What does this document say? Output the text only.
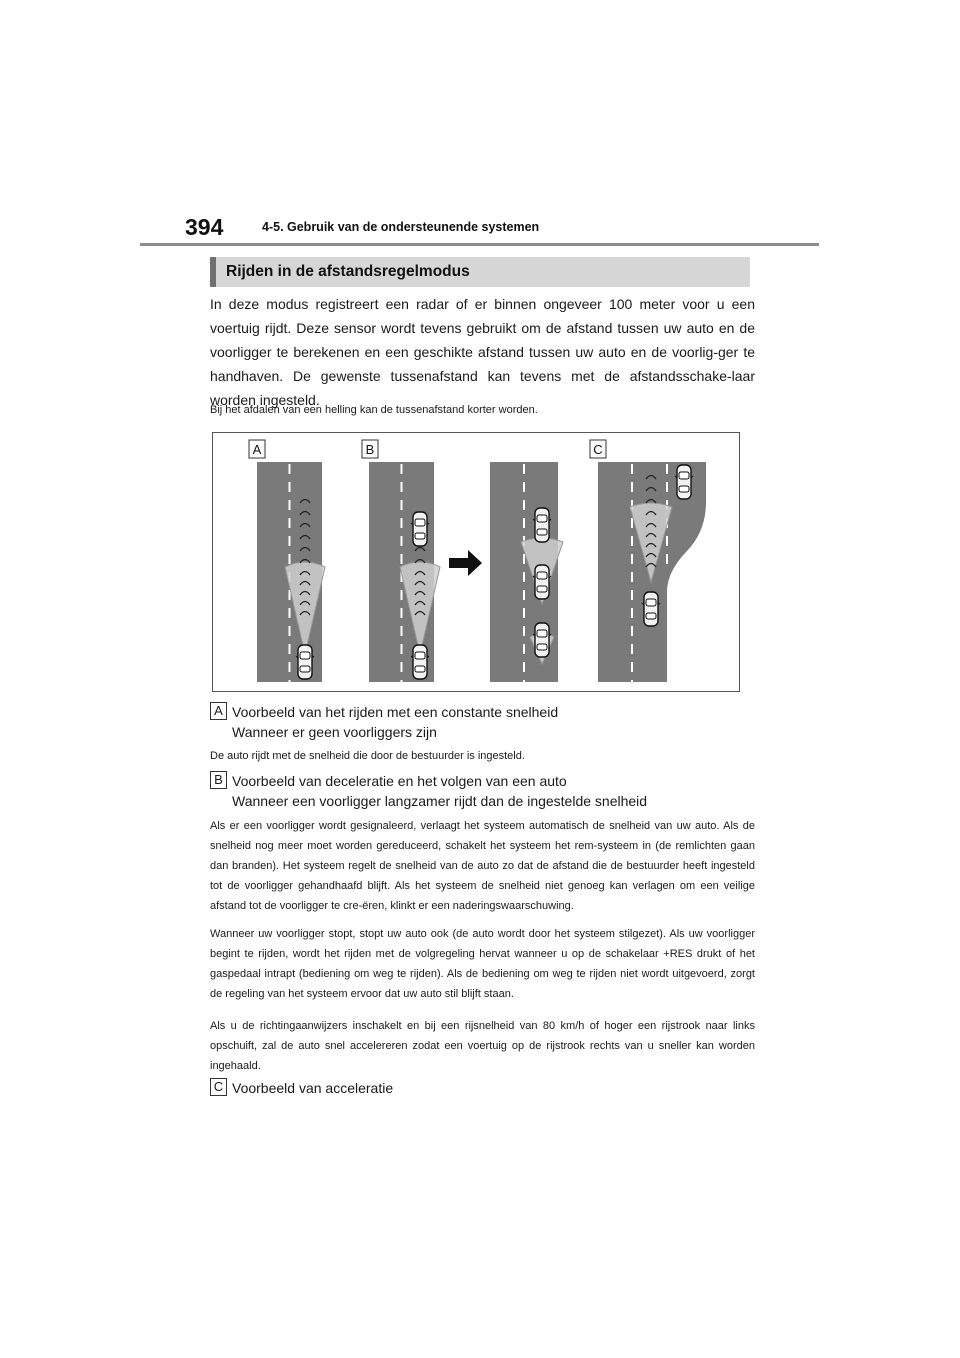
394	4-5. Gebruik van de ondersteunende systemen
Rijden in de afstandsregelmodus

In deze modus registreert een radar of er binnen ongeveer 100 meter voor u een voertuig rijdt. Deze sensor wordt tevens gebruikt om de afstand tussen uw auto en de voorligger te berekenen en een geschikte afstand tussen uw auto en de voorlig-ger te handhaven. De gewenste tussenafstand kan tevens met de afstandsschake-laar worden ingesteld.

Bij het afdalen van een helling kan de tussenafstand korter worden.

A	B	C
A Voorbeeld van het rijden met een constante snelheid
Wanneer er geen voorliggers zijn

De auto rijdt met de snelheid die door de bestuurder is ingesteld.

B Voorbeeld van deceleratie en het volgen van een auto
Wanneer een voorligger langzamer rijdt dan de ingestelde snelheid

Als er een voorligger wordt gesignaleerd, verlaagt het systeem automatisch de snelheid van uw auto. Als de snelheid nog meer moet worden gereduceerd, schakelt het systeem het rem-systeem in (de remlichten gaan dan branden). Het systeem regelt de snelheid van de auto zo dat de afstand die de bestuurder heeft ingesteld tot de voorligger gehandhaafd blijft. Als het systeem de snelheid niet genoeg kan verlagen om een veilige afstand tot de voorligger te cre-ëren, klinkt er een naderingswaarschuwing.

Wanneer uw voorligger stopt, stopt uw auto ook (de auto wordt door het systeem stilgezet). Als uw voorligger begint te rijden, wordt het rijden met de volgregeling hervat wanneer u op de schakelaar +RES drukt of het gaspedaal intrapt (bediening om weg te rijden). Als de bediening om weg te rijden niet wordt uitgevoerd, zorgt de regeling van het systeem ervoor dat uw auto stil blijft staan.

Als u de richtingaanwijzers inschakelt en bij een rijsnelheid van 80 km/h of hoger een rijstrook naar links opschuift, zal de auto snel accelereren zodat een voertuig op de rijstrook rechts van u sneller kan worden ingehaald.

C Voorbeeld van acceleratie
